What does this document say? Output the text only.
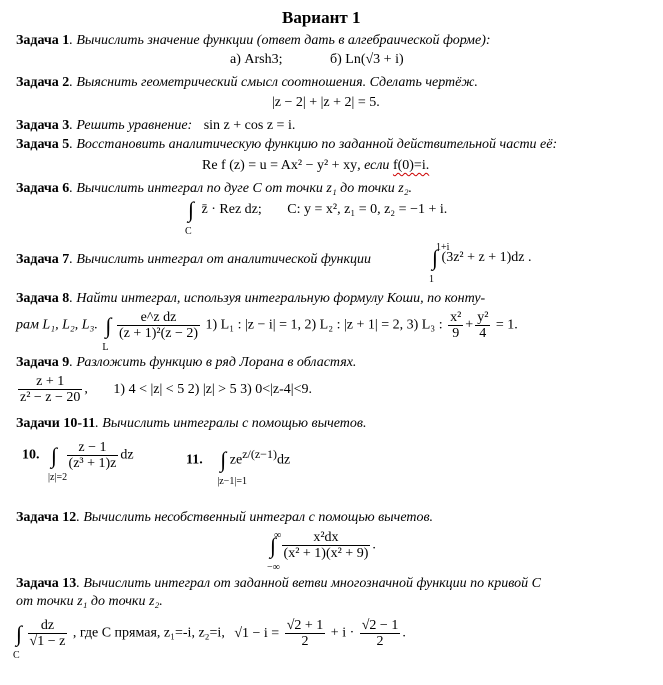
Вариант 1
Задача 1. Вычислить значение функции (ответ дать в алгебраической форме):
а) Arsh3;	б) Ln(√3 + i)
Задача 2. Выяснить геометрический смысл соотношения. Сделать чертёж.
|z − 2| + |z + 2| = 5.
Задача 3. Решить уравнение: sin z + cos z = i.
Задача 5. Восстановить аналитическую функцию по заданной действительной части её:
Re f (z) = u = Ax² − y² + xy, если f(0)=i.
Задача 6. Вычислить интеграл по дуге C от точки z₁ до точки z₂.
∫
C
z̄ · Rez dz; C: y = x², z₁ = 0, z₂ = −1 + i.
Задача 7. Вычислить интеграл от аналитической функции	∫
1+i
1
(3z² + z + 1)dz .
Задача 8. Найти интеграл, используя интегральную формулу Коши, по конту-
рам L₁, L₂, L₃. ∫
L

$\frac{\text{e\textasciicircum{}z dz}}{\text{(z + 1)²(z − 2)}} 1$) L₁ : |z − i| = 1, 2) L₂ : |z + 1| = 2, 3) L₃ : $\frac{\text{x²}}{9} + \frac{\text{y²}}{4} = 1$.
Задача 9. Разложить функцию в ряд Лорана в областях.
$\frac{z + 1}{\text{z² − z − 20}}$ , 1) 4 < |z| < 5 2) |z| > 5 3) 0<|z-4|<9.
Задачи 10-11. Вычислить интегралы с помощью вычетов.
10. ∫
|z|=2

$\frac{z - 1}{\text{(z³ + 1)z}}$ dz	11. ∫
|z−1|=1
$ze^{z/(z-1)}dz$
Задача 12. Вычислить несобственный интеграл с помощью вычетов.
∫
∞
−∞

$\frac{\text{x²dx}}{\text{(x² + 1)(x² + 9)}}$ .
Задача 13. Вычислить интеграл от заданной ветви многозначной функции по кривой C
от точки z₁ до точки z₂.
∫
C

$\frac{dz}{√1 - z}$ , где C прямая, z₁=-i, z₂=i, $√1 - i = \frac{√2 + 1}{2} + i \cdot \frac{√2 - 1}{2}$ .
